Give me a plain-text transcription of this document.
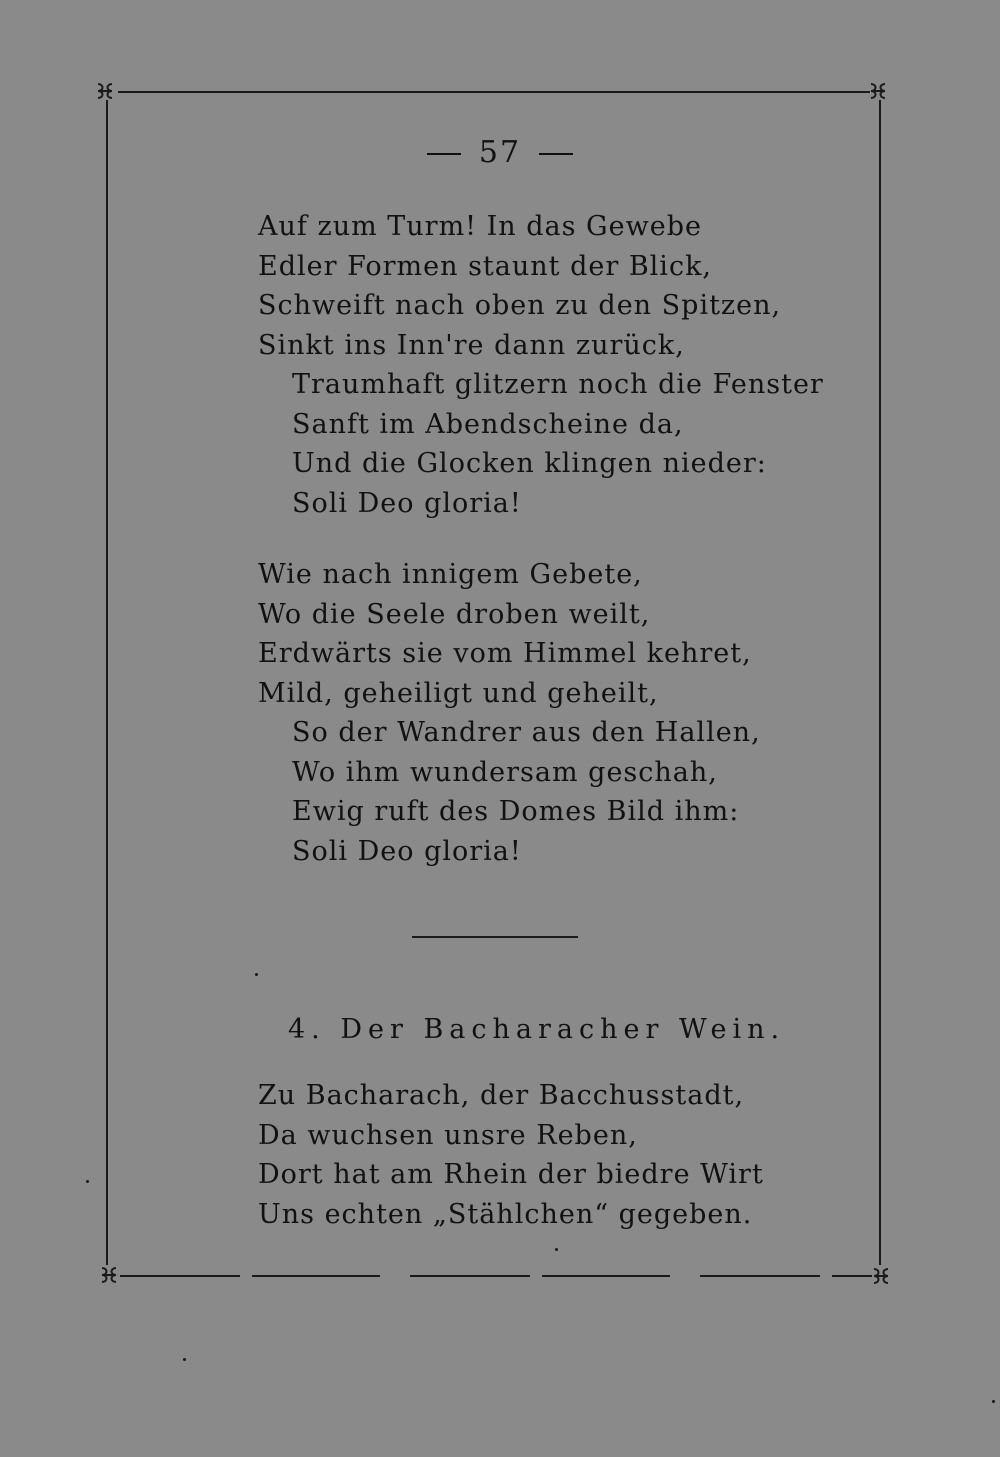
57
Auf zum Turm! In das Gewebe
Edler Formen staunt der Blick,
Schweift nach oben zu den Spitzen,
Sinkt ins Inn're dann zurück,
Traumhaft glitzern noch die Fenster
Sanft im Abendscheine da,
Und die Glocken klingen nieder:
Soli Deo gloria!
Wie nach innigem Gebete,
Wo die Seele droben weilt,
Erdwärts sie vom Himmel kehret,
Mild, geheiligt und geheilt,
So der Wandrer aus den Hallen,
Wo ihm wundersam geschah,
Ewig ruft des Domes Bild ihm:
Soli Deo gloria!
4. Der Bacharacher Wein.
Zu Bacharach, der Bacchusstadt,
Da wuchsen unsre Reben,
Dort hat am Rhein der biedre Wirt
Uns echten „Stählchen“ gegeben.
